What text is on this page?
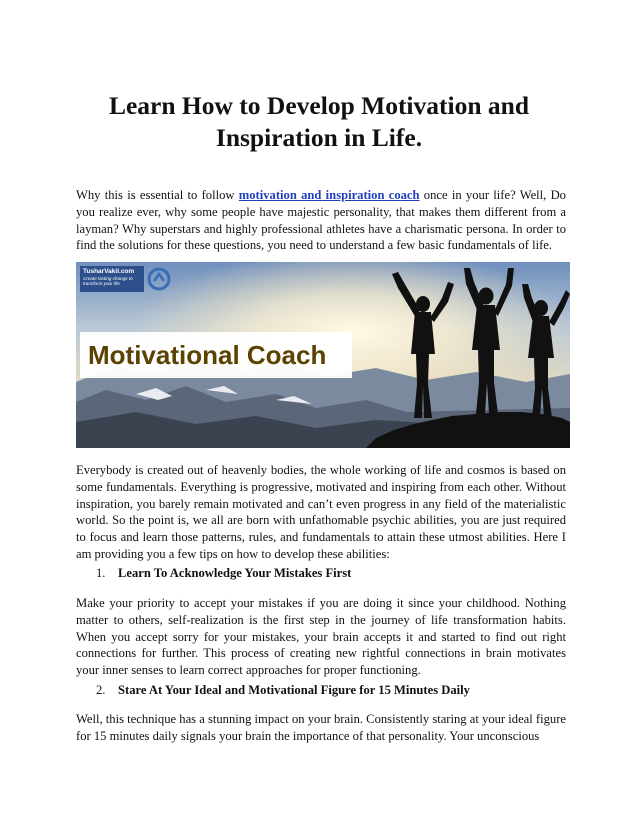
Learn How to Develop Motivation and Inspiration in Life.

Why this is essential to follow motivation and inspiration coach once in your life? Well, Do you realize ever, why some people have majestic personality, that makes them different from a layman? Why superstars and highly professional athletes have a charismatic persona. In order to find the solutions for these questions, you need to understand a few basic fundamentals of life.

TusharVakil.com
Create lasting change to transform your life
Motivational Coach

Everybody is created out of heavenly bodies, the whole working of life and cosmos is based on some fundamentals. Everything is progressive, motivated and inspiring from each other. Without inspiration, you barely remain motivated and can’t even progress in any field of the materialistic world. So the point is, we all are born with unfathomable psychic abilities, you are just required to focus and learn those patterns, rules, and fundamentals to attain these utmost abilities. Here I am providing you a few tips on how to develop these abilities:

1. Learn To Acknowledge Your Mistakes First

Make your priority to accept your mistakes if you are doing it since your childhood. Nothing matter to others, self-realization is the first step in the journey of life transformation habits. When you accept sorry for your mistakes, your brain accepts it and started to find out right connections for further. This process of creating new rightful connections in brain motivates your inner senses to learn correct approaches for proper functioning.

2. Stare At Your Ideal and Motivational Figure for 15 Minutes Daily

Well, this technique has a stunning impact on your brain. Consistently staring at your ideal figure for 15 minutes daily signals your brain the importance of that personality. Your unconscious
